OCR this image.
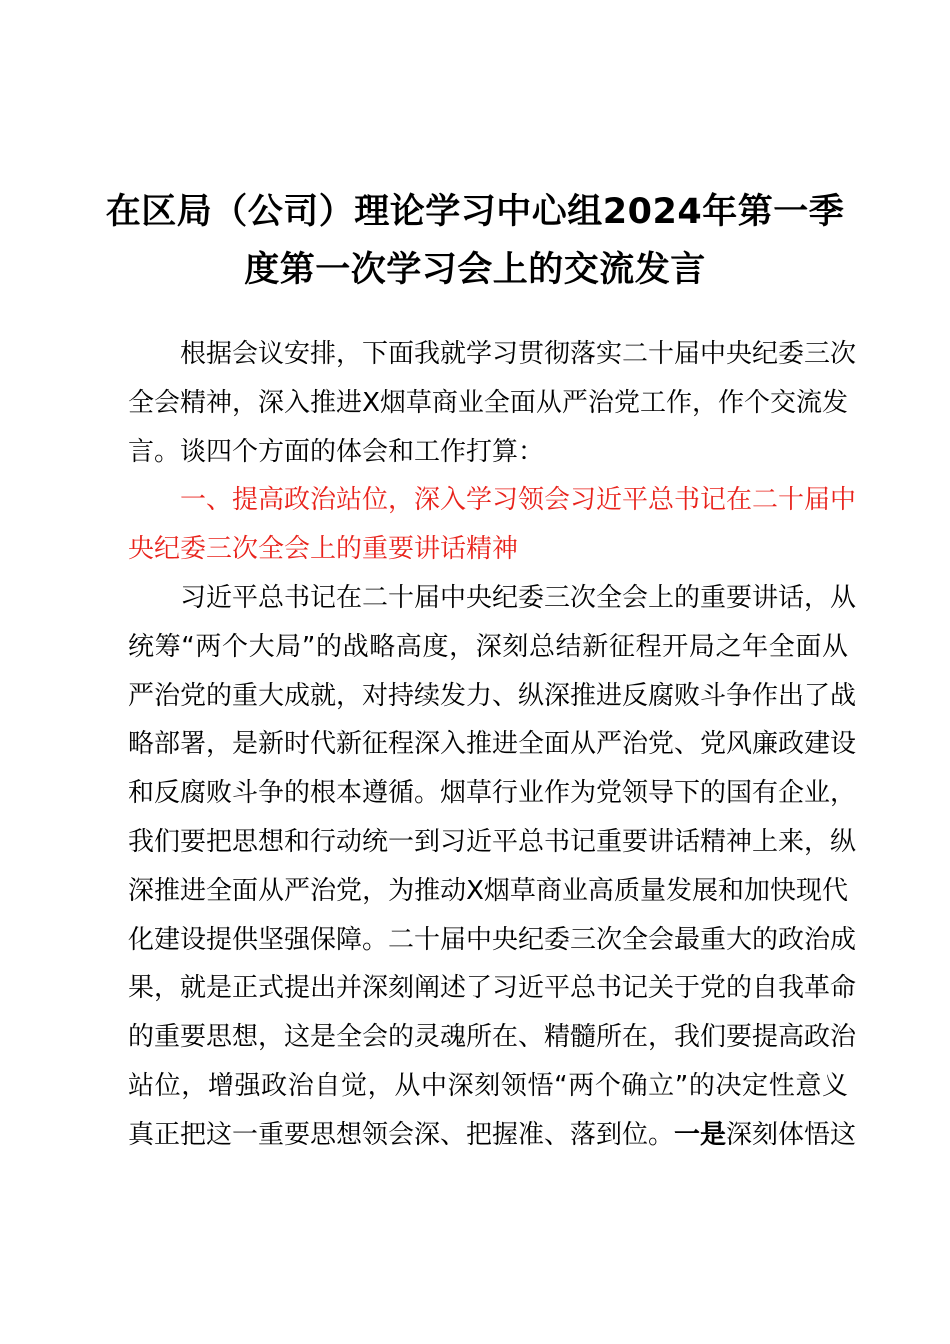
在区局（公司）理论学习中心组2024年第一季
度第一次学习会上的交流发言
根据会议安排，下面我就学习贯彻落实二十届中央纪委三次
全会精神，深入推进X烟草商业全面从严治党工作，作个交流发
言。谈四个方面的体会和工作打算：
一、提高政治站位，深入学习领会习近平总书记在二十届中
央纪委三次全会上的重要讲话精神
习近平总书记在二十届中央纪委三次全会上的重要讲话，从
统筹“两个大局”的战略高度，深刻总结新征程开局之年全面从
严治党的重大成就，对持续发力、纵深推进反腐败斗争作出了战
略部署，是新时代新征程深入推进全面从严治党、党风廉政建设
和反腐败斗争的根本遵循。烟草行业作为党领导下的国有企业，
我们要把思想和行动统一到习近平总书记重要讲话精神上来，纵
深推进全面从严治党，为推动X烟草商业高质量发展和加快现代
化建设提供坚强保障。二十届中央纪委三次全会最重大的政治成
果，就是正式提出并深刻阐述了习近平总书记关于党的自我革命
的重要思想，这是全会的灵魂所在、精髓所在，我们要提高政治
站位，增强政治自觉，从中深刻领悟“两个确立”的决定性意义
真正把这一重要思想领会深、把握准、落到位。一是深刻体悟这
